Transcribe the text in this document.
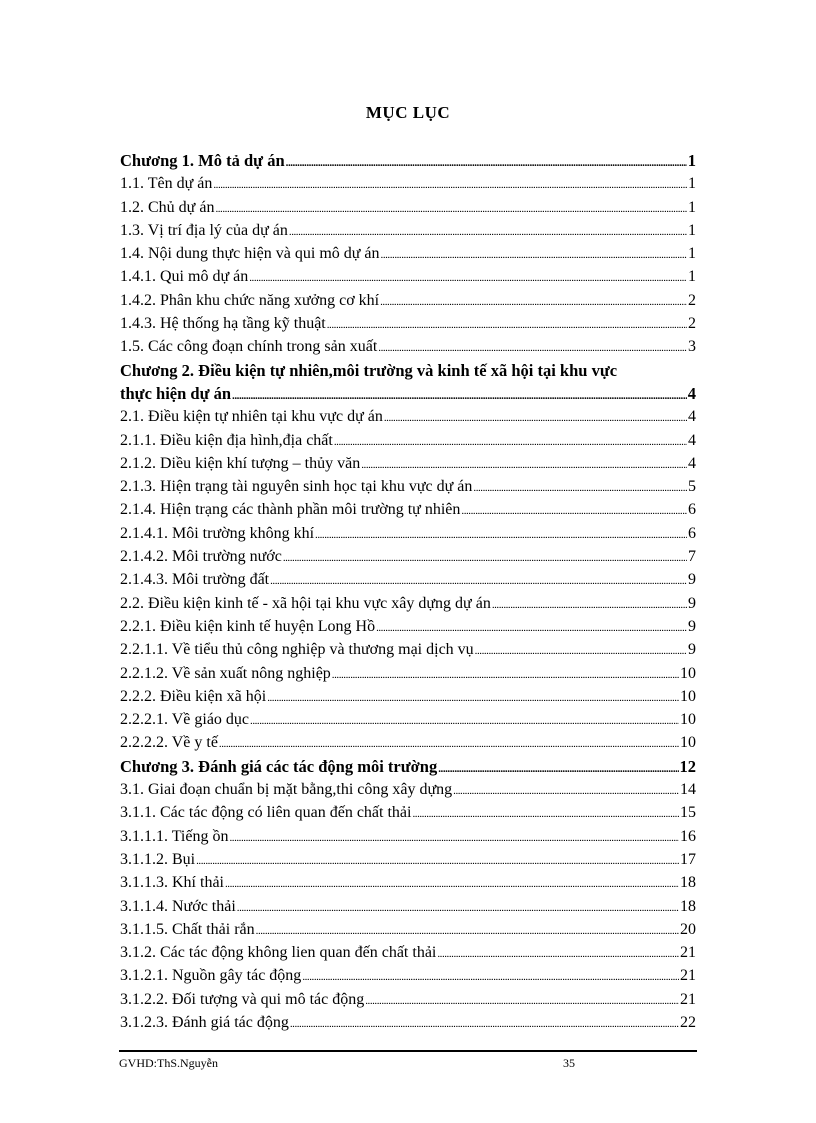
MỤC LỤC
Chương 1. Mô tả dự án . . .	1
1.1. Tên dự án . . .	1
1.2. Chủ dự án . . .	1
1.3. Vị trí địa lý của dự án . . .	1
1.4. Nội dung thực hiện và qui mô dự án . . .	1
1.4.1. Qui mô dự án . . .	1
1.4.2. Phân khu chức năng xưởng cơ khí . . .	2
1.4.3. Hệ thống hạ tầng kỹ thuật . . .	2
1.5. Các công đoạn chính trong sản xuất . . .	3
Chương 2. Điều kiện tự nhiên,môi trường và kinh tế xã hội tại khu vực
thực hiện dự án . . .	4
2.1. Điều kiện tự nhiên tại khu vực dự án . . .	4
2.1.1. Điều kiện địa hình,địa chất . . .	4
2.1.2. Diều kiện khí tượng – thủy văn . . .	4
2.1.3. Hiện trạng tài nguyên sinh học tại khu vực dự án . . .	5
2.1.4. Hiện trạng các thành phần môi trường tự nhiên . . .	6
2.1.4.1. Môi trường không khí . . .	6
2.1.4.2. Môi trường nước . . .	7
2.1.4.3. Môi trường đất . . .	9
2.2. Điều kiện kinh tế - xã hội tại khu vực xây dựng dự án . . .	9
2.2.1. Điều kiện kinh tế huyện Long Hồ . . .	9
2.2.1.1. Về tiểu thủ công nghiệp và thương mại dịch vụ . . .	9
2.2.1.2. Về sản xuất nông nghiệp . . .	10
2.2.2. Điều kiện xã hội . . .	10
2.2.2.1. Về giáo dục . . .	10
2.2.2.2. Về y tế . . .	10
Chương 3. Đánh giá các tác động môi trường . . .	12
3.1. Giai đoạn chuẩn bị mặt bằng,thi công xây dựng . . .	14
3.1.1. Các tác động có liên quan đến chất thải . . .	15
3.1.1.1. Tiếng ồn . . .	16
3.1.1.2. Bụi . . .	17
3.1.1.3. Khí thải . . .	18
3.1.1.4. Nước thải . . .	18
3.1.1.5. Chất thải rắn . . .	20
3.1.2. Các tác động không lien quan đến chất thải . . .	21
3.1.2.1. Nguồn gây tác động . . .	21
3.1.2.2. Đối tượng và qui mô tác động . . .	21
3.1.2.3. Đánh giá tác động . . .	22
GVHD:ThS.Nguyễn	35
